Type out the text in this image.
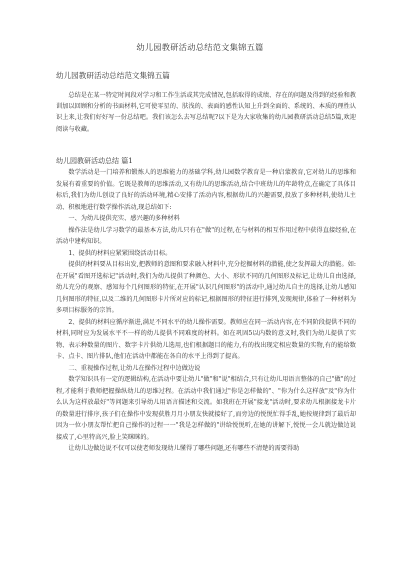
幼儿园教研活动总结范文集锦五篇
幼儿园教研活动总结范文集锦五篇

总结是在某一特定时间段对学习和工作生活或其完成情况,包括取得的成绩、存在的问题及得到的经验和教训加以回顾和分析的书面材料,它可使零星的、肤浅的、表面的感性认知上升到全面的、系统的、本质的理性认识上来,让我们好好写一份总结吧。我们该怎么去写总结呢?以下是为大家收集的幼儿园教研活动总结5篇,欢迎阅读与收藏。

幼儿园教研活动总结 篇1

数学活动是一门培养和锻炼人的思维能力的基础学科,幼儿园数学教育是一种启蒙教育,它对幼儿的思维和发展有着重要的价值。它既是教师的思维活动,又有幼儿的思维活动,结合中班幼儿的年龄特点,在确定了具体目标后,我们为幼儿创设了良好的活动环境,精心安排了活动内容,根据幼儿的兴趣需要,投放了多种材料,使幼儿主动、积极地进行数学操作活动,现总结如下:

一、为幼儿提供充实、感兴趣的多种材料

操作法是幼儿学习数学的最基本方法,幼儿只有在"做"的过程,在与材料的相互作用过程中获得直接经验,在活动中建构知识。

1、提供的材料应紧紧围绕活动目标。

提供的材料要从目标出发,把教师的意图和要求融入材料中,充分挖掘材料的潜能,使之发挥最大的潜能。如:在开展"看图开选标记"活动时,我们为幼儿提供了种颜色、大小、形状不同的几何图形及标记,让幼儿自由选择,幼儿充分的观察、感知每个几何图形的特征,在开展"认识几何图形"的活动中,通过幼儿自主的选择,让幼儿感知几何图形的特征,以及二维的几何图形卡片所对应的标记,根据图形的特征进行排列,发现规律,体验了一种材料为多项目标服务的宗旨。

2、提供的材料应循序渐进,满足不同水平的幼儿操作需要。教师应在同一活动内容,在不同阶段提供不同的材料,同时应为发展水平不一样的幼儿提供不同难度的材料。如在巩固5以内数的意义时,我们为幼儿提供了实物、表示种数量的图片、数字卡片供幼儿选用,也们根据题目的能力,有的找出现定相应数量的实物,有的能给数卡、点卡、图片排队,他们在活动中都能在各自的水平上得到了提高。

二、重视操作过程,让幼儿在操作过程中边做边说

数学知识具有一定的逻辑结构,在活动中要让幼儿"做"和"说"相结合,只有让幼儿用语言整体的自己"做"的过程,才能利于教师把握操纵幼儿的思维过程。在活动中我们通过"你是怎样做的"、"你为什么这样放"及"你为什么认为这样放最好"等问题来引导幼儿用语言描述和交流。如我班在开展"接龙"活动时,要求幼儿根据接龙卡片的数量进行排序,孩子们在操作中发现获胜月月小朋友快就接好了,而旁边的悦悦忙得手乱,她按规律到了最后却因为一位小朋友帮忙把自己操作的过程一一"我是怎样做的"讲给悦悦听,在她的讲解下,悦悦一会儿就边做边说接成了,心里特高兴,脸上笑眯眯的。

让幼儿边做边说不仅可以使老师发现幼儿懂得了哪些问题,还有哪些不清楚的需要得助
